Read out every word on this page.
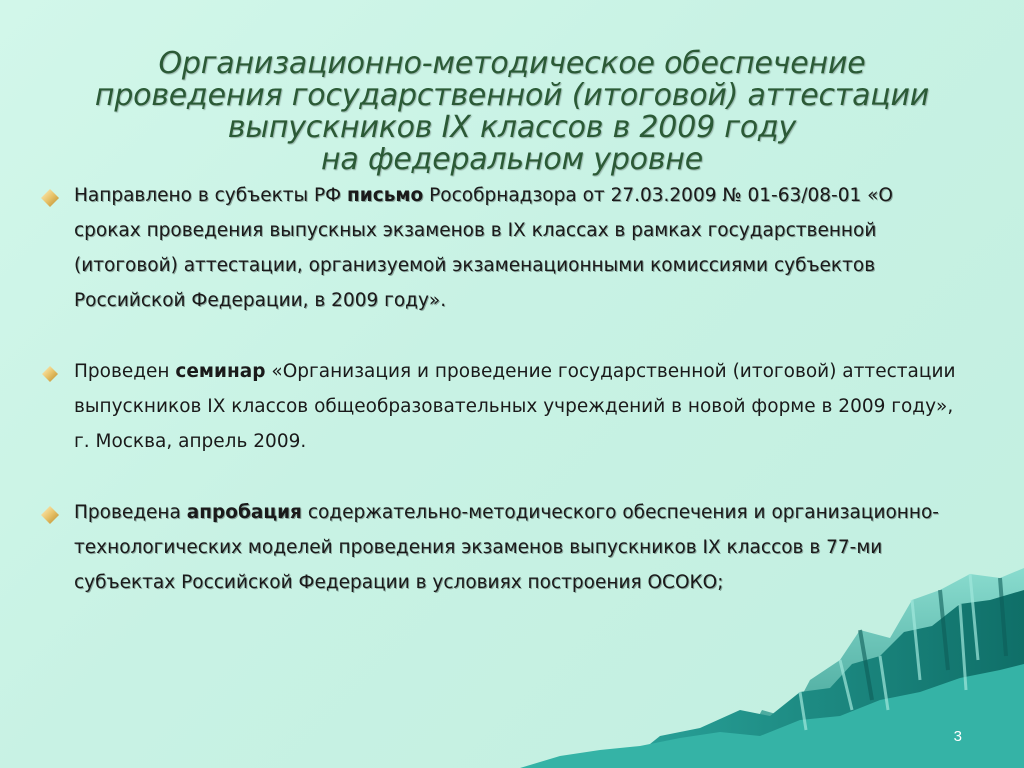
Организационно-методическое обеспечение
проведения государственной (итоговой) аттестации
выпускников IX классов в 2009 году
на федеральном уровне
Направлено в субъекты РФ письмо Рособрнадзора от 27.03.2009 № 01-63/08-01 «О сроках проведения выпускных экзаменов в IX классах в рамках государственной (итоговой) аттестации, организуемой экзаменационными комиссиями субъектов Российской Федерации, в 2009 году».
Проведен семинар «Организация и проведение государственной (итоговой) аттестации выпускников IX классов общеобразовательных учреждений в новой форме в 2009 году», г. Москва, апрель 2009.
Проведена апробация содержательно-методического обеспечения и организационно-технологических моделей проведения экзаменов выпускников IX классов в 77-ми субъектах Российской Федерации в условиях построения ОСОКО;
3
